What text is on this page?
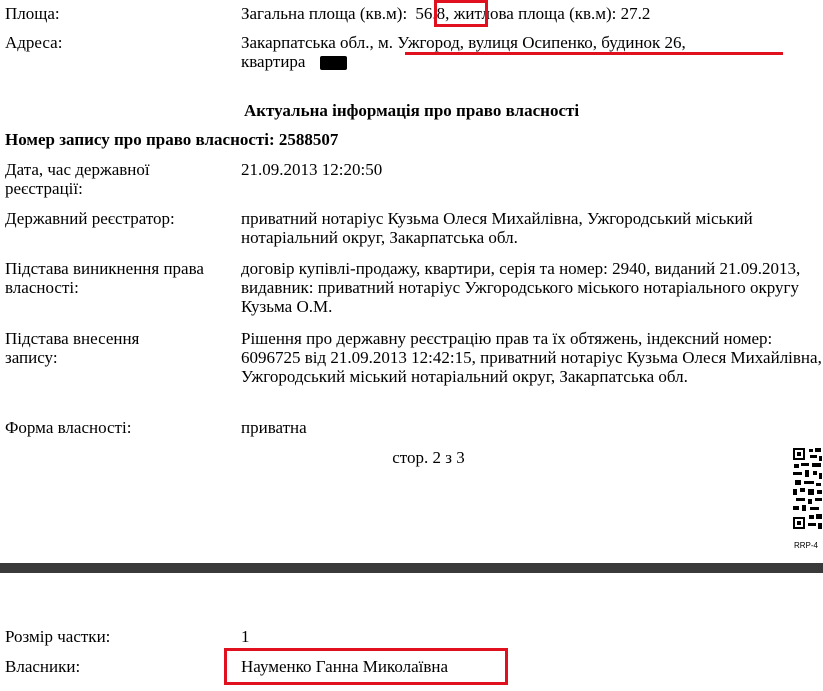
Площа:	Загальна площа (кв.м): 56.8, житлова площа (кв.м): 27.2
Адреса:	Закарпатська обл., м. Ужгород, вулиця Осипенко, будинок 26,
квартира
Актуальна інформація про право власності
Номер запису про право власності: 2588507
Дата, час державної реєстрації:
21.09.2013 12:20:50
Державний реєстратор:	приватний нотаріус Кузьма Олеся Михайлівна, Ужгородський міський нотаріальний округ, Закарпатська обл.
Підстава виникнення права власності:
договір купівлі-продажу, квартири, серія та номер: 2940, виданий 21.09.2013, видавник: приватний нотаріус Ужгородського міського нотаріального округу Кузьма О.М.
Підстава внесення запису:
Рішення про державну реєстрацію прав та їх обтяжень, індексний номер: 6096725 від 21.09.2013 12:42:15, приватний нотаріус Кузьма Олеся Михайлівна, Ужгородський міський нотаріальний округ, Закарпатська обл.
Форма власності:	приватна
стор. 2 з 3
RRP-4
Розмір частки:	1
Власники:	Науменко Ганна Миколаївна
